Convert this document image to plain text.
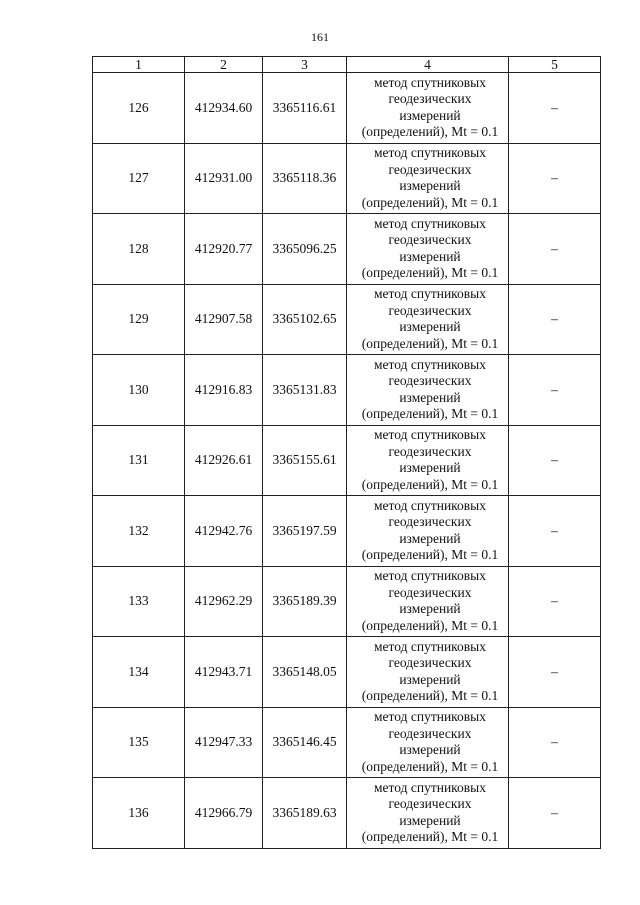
161
1	2	3	4	5
126	412934.60	3365116.61	метод спутниковых
геодезических
измерений
(определений), Mt = 0.1	–
127	412931.00	3365118.36	метод спутниковых
геодезических
измерений
(определений), Mt = 0.1	–
128	412920.77	3365096.25	метод спутниковых
геодезических
измерений
(определений), Mt = 0.1	–
129	412907.58	3365102.65	метод спутниковых
геодезических
измерений
(определений), Mt = 0.1	–
130	412916.83	3365131.83	метод спутниковых
геодезических
измерений
(определений), Mt = 0.1	–
131	412926.61	3365155.61	метод спутниковых
геодезических
измерений
(определений), Mt = 0.1	–
132	412942.76	3365197.59	метод спутниковых
геодезических
измерений
(определений), Mt = 0.1	–
133	412962.29	3365189.39	метод спутниковых
геодезических
измерений
(определений), Mt = 0.1	–
134	412943.71	3365148.05	метод спутниковых
геодезических
измерений
(определений), Mt = 0.1	–
135	412947.33	3365146.45	метод спутниковых
геодезических
измерений
(определений), Mt = 0.1	–
136	412966.79	3365189.63	метод спутниковых
геодезических
измерений
(определений), Mt = 0.1	–
